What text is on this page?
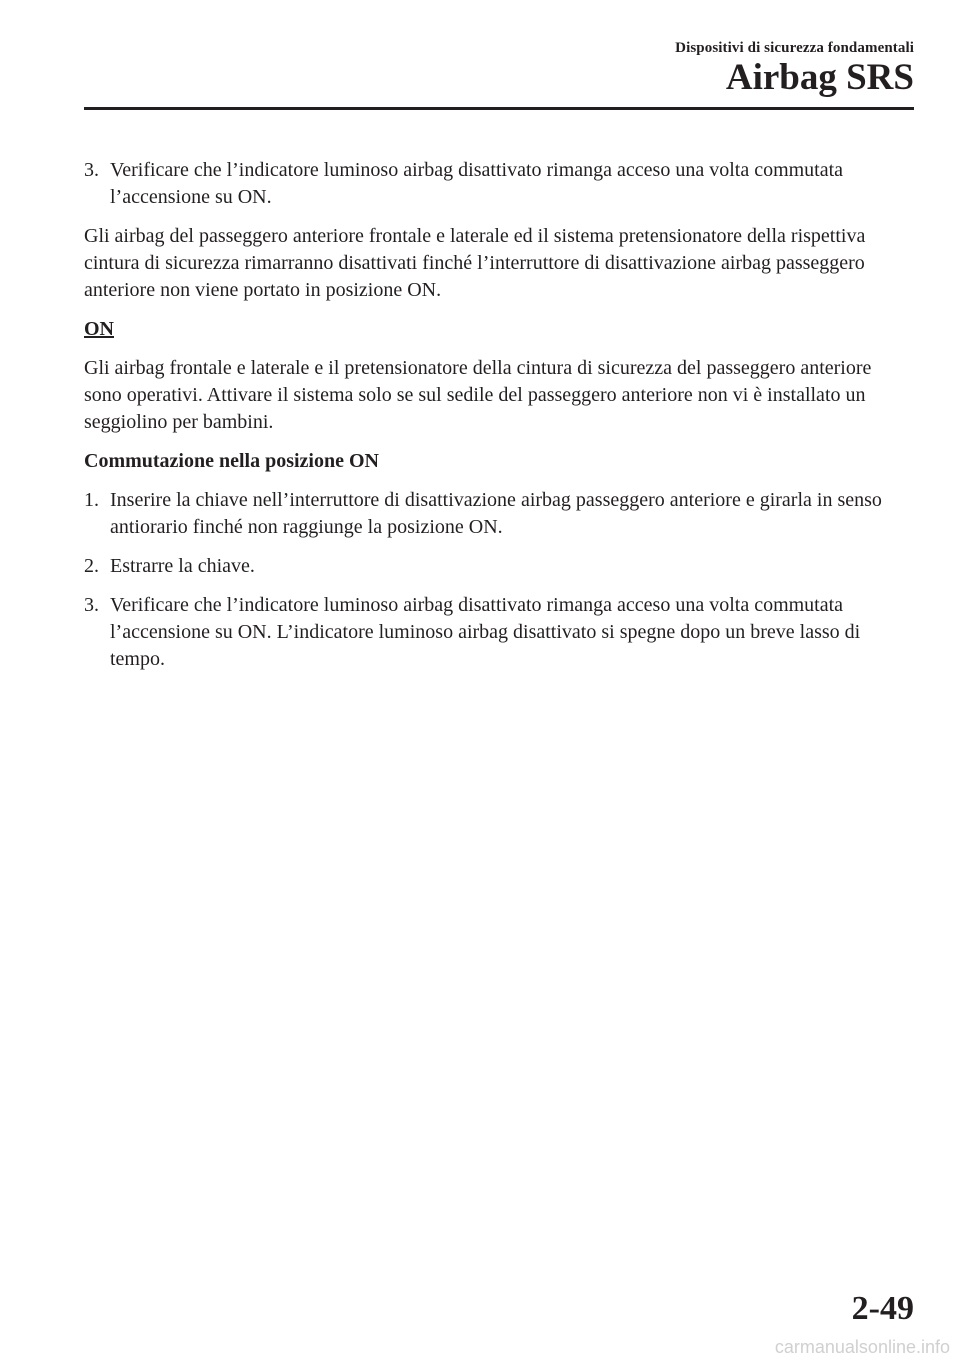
Dispositivi di sicurezza fondamentali
Airbag SRS
3. Verificare che l’indicatore luminoso airbag disattivato rimanga acceso una volta commutata l’accensione su ON.
Gli airbag del passeggero anteriore frontale e laterale ed il sistema pretensionatore della rispettiva cintura di sicurezza rimarranno disattivati finché l’interruttore di disattivazione airbag passeggero anteriore non viene portato in posizione ON.
ON
Gli airbag frontale e laterale e il pretensionatore della cintura di sicurezza del passeggero anteriore sono operativi. Attivare il sistema solo se sul sedile del passeggero anteriore non vi è installato un seggiolino per bambini.
Commutazione nella posizione ON
1. Inserire la chiave nell’interruttore di disattivazione airbag passeggero anteriore e girarla in senso antiorario finché non raggiunge la posizione ON.
2. Estrarre la chiave.
3. Verificare che l’indicatore luminoso airbag disattivato rimanga acceso una volta commutata l’accensione su ON. L’indicatore luminoso airbag disattivato si spegne dopo un breve lasso di tempo.
2-49
carmanualsonline.info
